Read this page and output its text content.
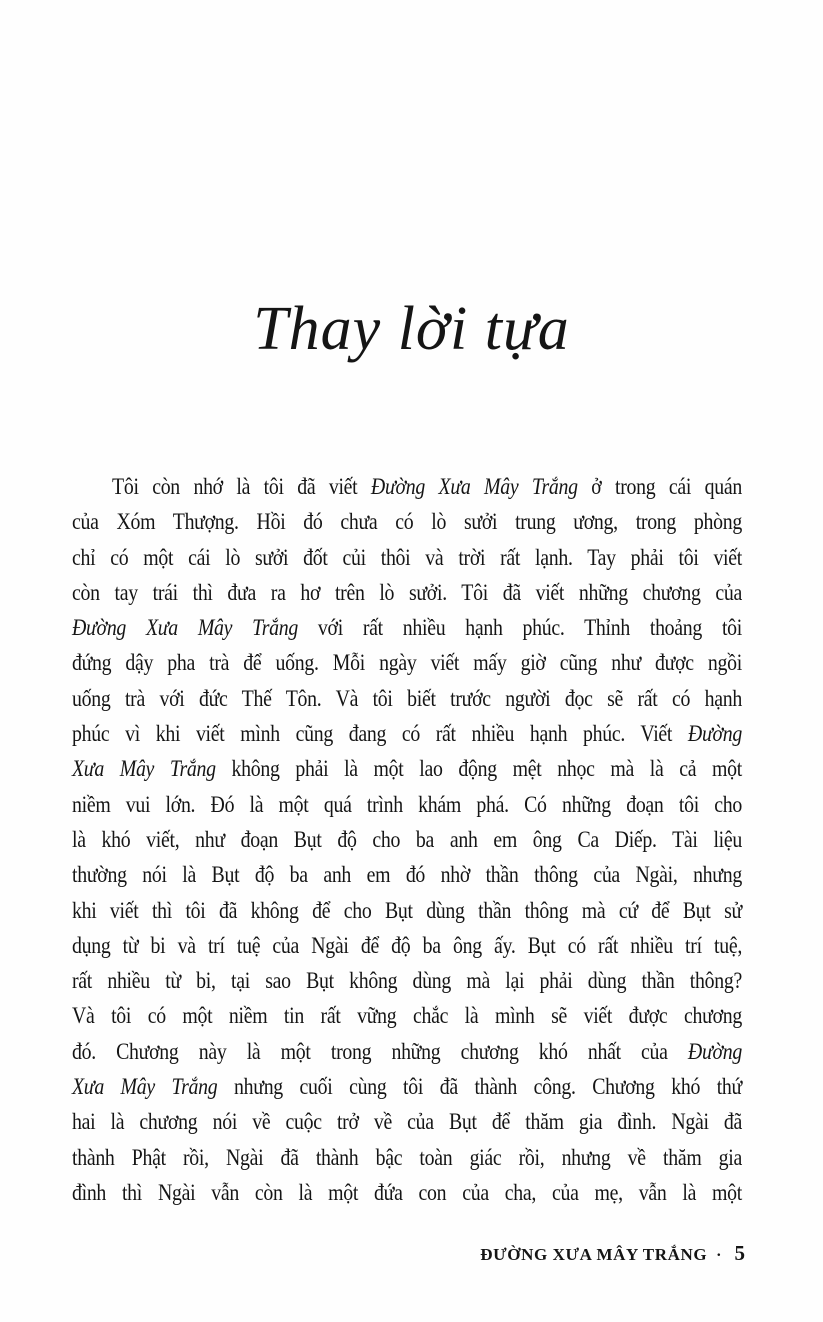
Thay lời tựa
Tôi còn nhớ là tôi đã viết Đường Xưa Mây Trắng ở trong cái quán
của Xóm Thượng. Hồi đó chưa có lò sưởi trung ương, trong phòng
chỉ có một cái lò sưởi đốt củi thôi và trời rất lạnh. Tay phải tôi viết
còn tay trái thì đưa ra hơ trên lò sưởi. Tôi đã viết những chương của
Đường Xưa Mây Trắng với rất nhiều hạnh phúc. Thỉnh thoảng tôi
đứng dậy pha trà để uống. Mỗi ngày viết mấy giờ cũng như được ngồi
uống trà với đức Thế Tôn. Và tôi biết trước người đọc sẽ rất có hạnh
phúc vì khi viết mình cũng đang có rất nhiều hạnh phúc. Viết Đường
Xưa Mây Trắng không phải là một lao động mệt nhọc mà là cả một
niềm vui lớn. Đó là một quá trình khám phá. Có những đoạn tôi cho
là khó viết, như đoạn Bụt độ cho ba anh em ông Ca Diếp. Tài liệu
thường nói là Bụt độ ba anh em đó nhờ thần thông của Ngài, nhưng
khi viết thì tôi đã không để cho Bụt dùng thần thông mà cứ để Bụt sử
dụng từ bi và trí tuệ của Ngài để độ ba ông ấy. Bụt có rất nhiều trí tuệ,
rất nhiều từ bi, tại sao Bụt không dùng mà lại phải dùng thần thông?
Và tôi có một niềm tin rất vững chắc là mình sẽ viết được chương
đó. Chương này là một trong những chương khó nhất của Đường
Xưa Mây Trắng nhưng cuối cùng tôi đã thành công. Chương khó thứ
hai là chương nói về cuộc trở về của Bụt để thăm gia đình. Ngài đã
thành Phật rồi, Ngài đã thành bậc toàn giác rồi, nhưng về thăm gia
đình thì Ngài vẫn còn là một đứa con của cha, của mẹ, vẫn là một
ĐƯỜNG XƯA MÂY TRẮNG · 5
